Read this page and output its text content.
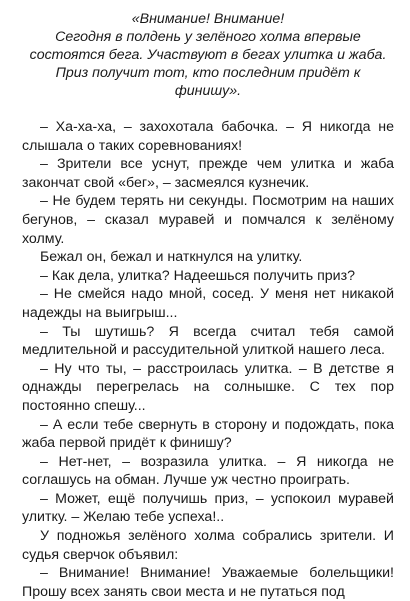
«Внимание! Внимание!

Сегодня в полдень у зелёного холма впервые состоятся бега. Участвуют в бегах улитка и жаба.

Приз получит тот, кто последним придёт к финишу».

– Ха-ха-ха, – захохотала бабочка. – Я никогда не слышала о таких соревнованиях!

– Зрители все уснут, прежде чем улитка и жаба закончат свой «бег», – засмеялся кузнечик.

– Не будем терять ни секунды. Посмотрим на наших бегунов, – сказал муравей и помчался к зелёному холму.

Бежал он, бежал и наткнулся на улитку.

– Как дела, улитка? Надеешься получить приз?

– Не смейся надо мной, сосед. У меня нет никакой надежды на выигрыш...

– Ты шутишь? Я всегда считал тебя самой медлительной и рассудительной улиткой нашего леса.

– Ну что ты, – расстроилась улитка. – В детстве я однажды перегрелась на солнышке. С тех пор постоянно спешу...

– А если тебе свернуть в сторону и подождать, пока жаба первой придёт к финишу?

– Нет-нет, – возразила улитка. – Я никогда не соглашусь на обман. Лучше уж честно проиграть.

– Может, ещё получишь приз, – успокоил муравей улитку. – Желаю тебе успеха!..

У подножья зелёного холма собрались зрители. И судья сверчок объявил:

– Внимание! Внимание! Уважаемые болельщики! Прошу всех занять свои места и не путаться под
